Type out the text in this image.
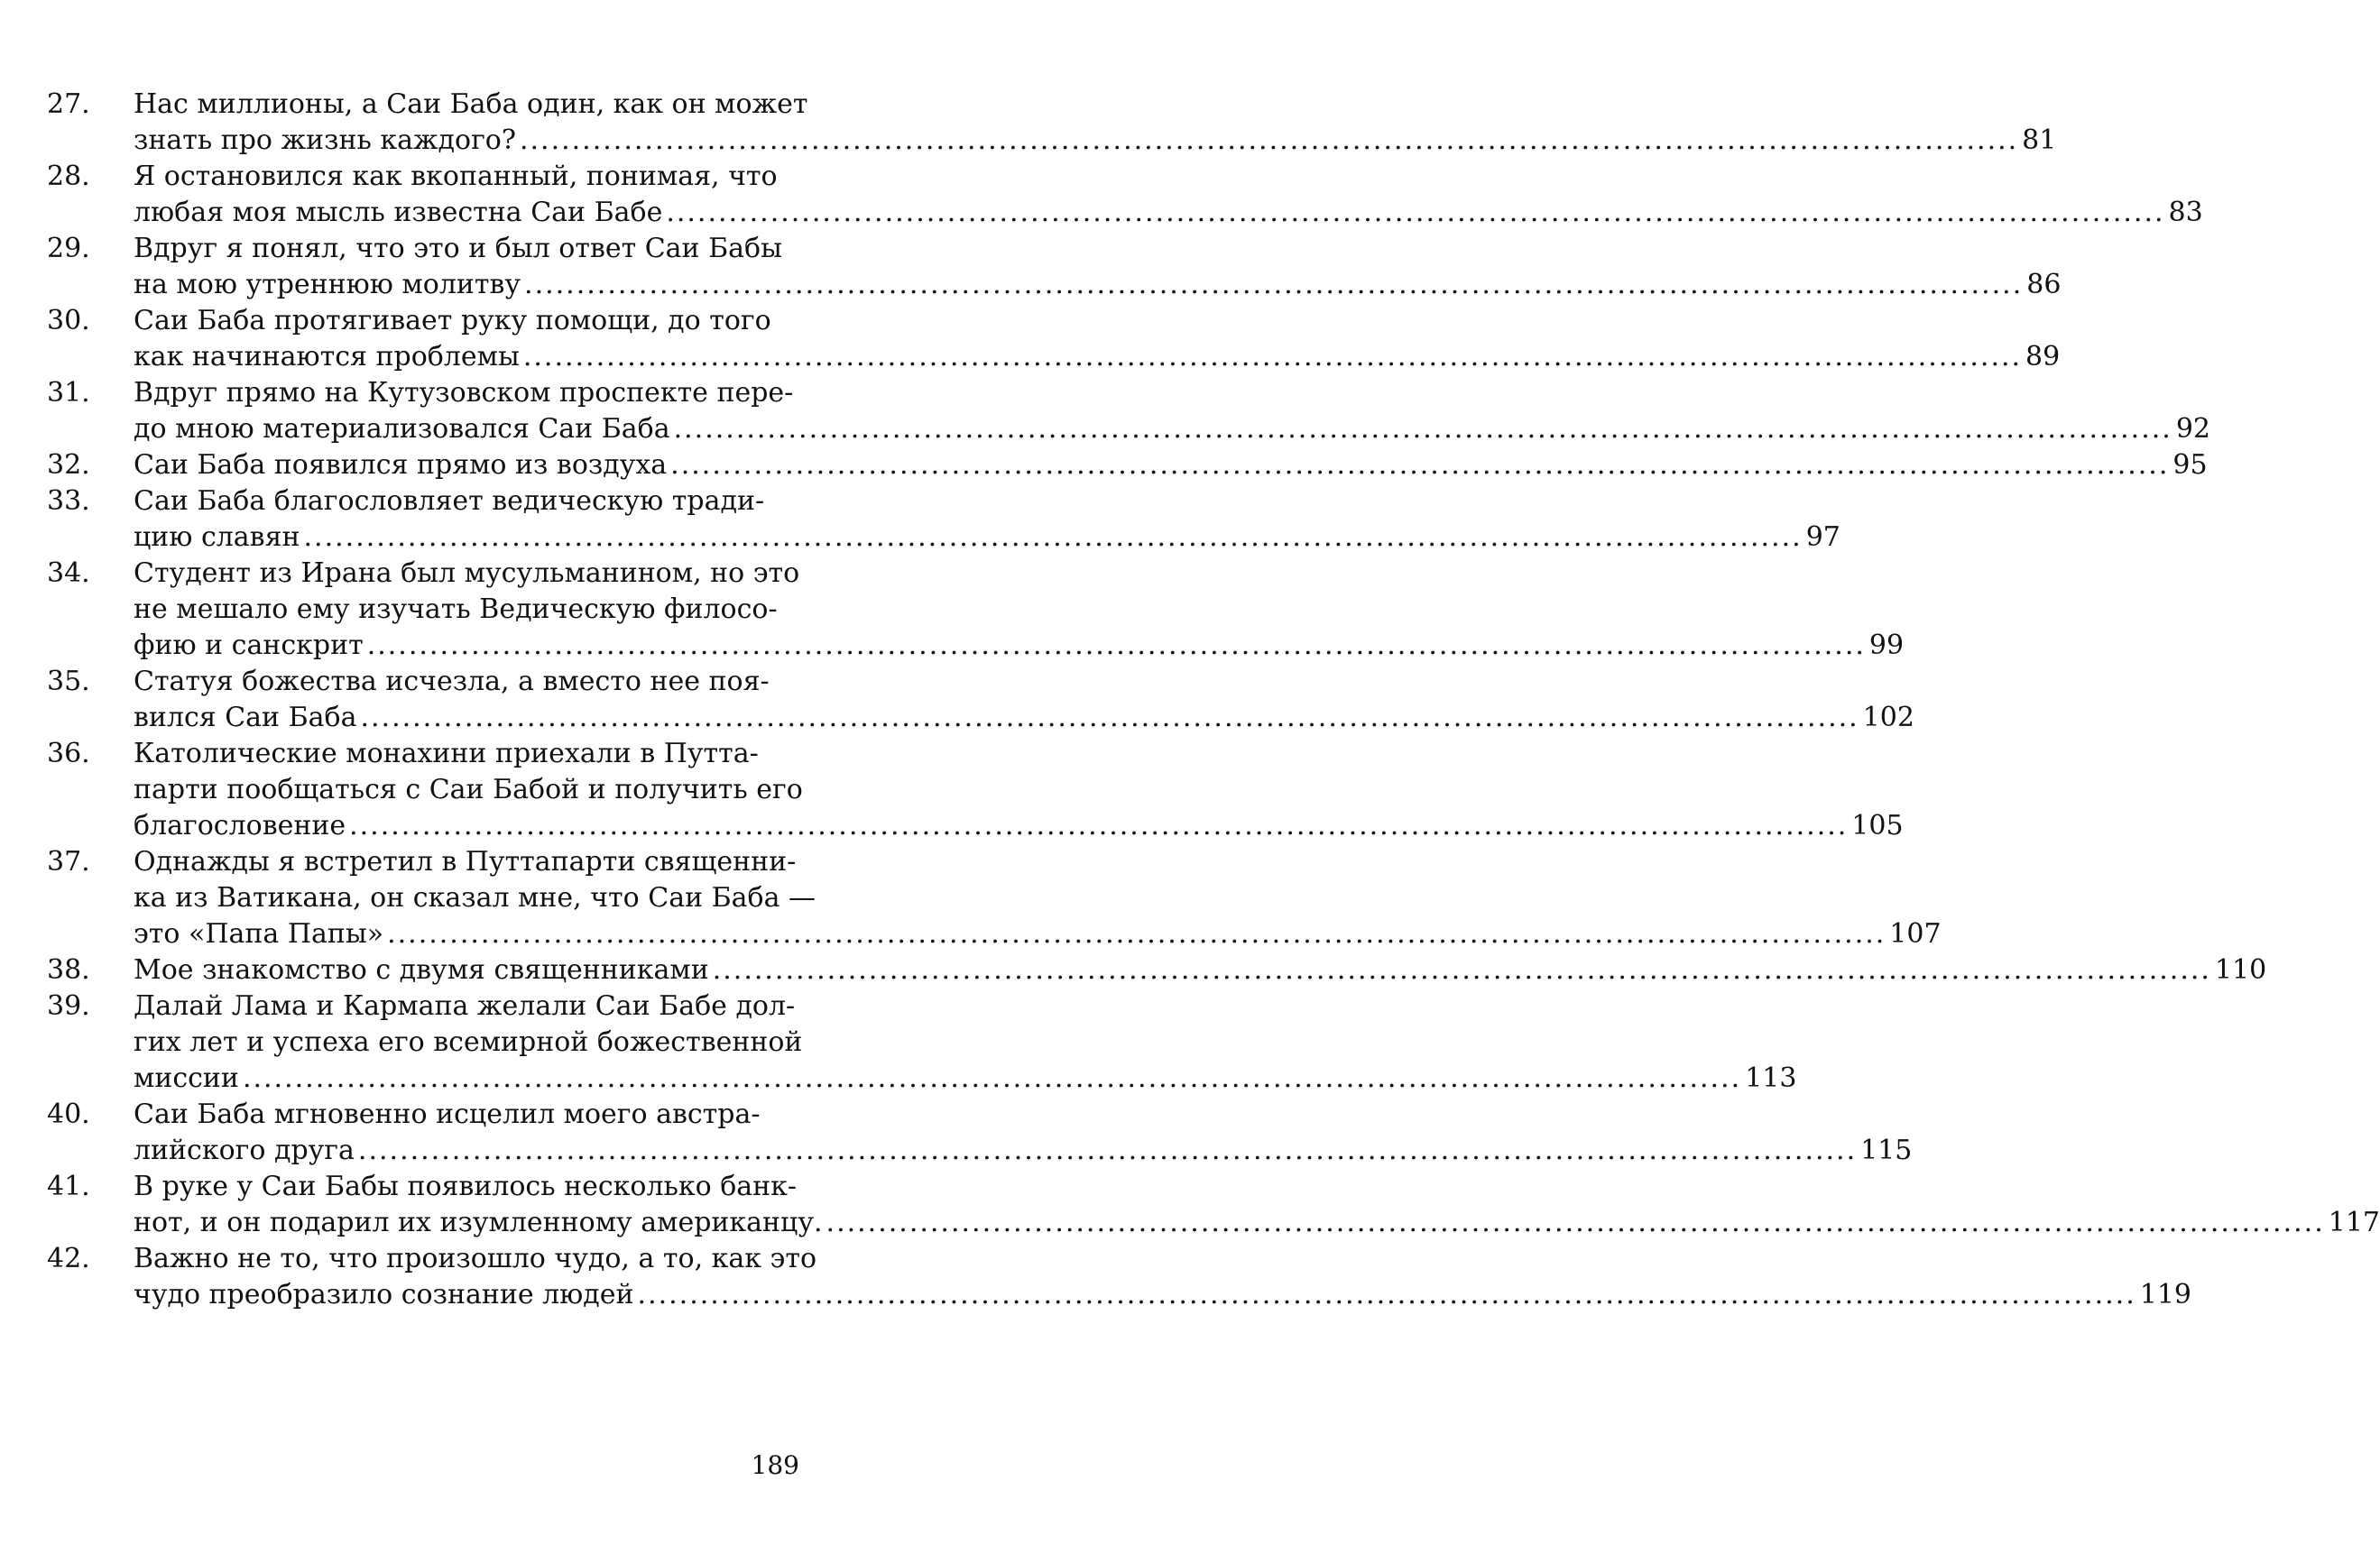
27.	Нас миллионы, а Саи Баба один, как он может
знать про жизнь каждого? .....	81
28.	Я остановился как вкопанный, понимая, что
любая моя мысль известна Саи Бабе .....	83
29.	Вдруг я понял, что это и был ответ Саи Бабы
на мою утреннюю молитву .....	86
30.	Саи Баба протягивает руку помощи, до того
как начинаются проблемы .....	89
31.	Вдруг прямо на Кутузовском проспекте пере-
до мною материализовался Саи Баба .....	92
32.	Саи Баба появился прямо из воздуха .....	95
33.	Саи Баба благословляет ведическую тради-
цию славян .....	97
34.	Студент из Ирана был мусульманином, но это
не мешало ему изучать Ведическую филосо-
фию и санскрит .....	99
35.	Статуя божества исчезла, а вместо нее поя-
вился Саи Баба .....	102
36.	Католические монахини приехали в Путта-
парти пообщаться с Саи Бабой и получить его
благословение .....	105
37.	Однажды я встретил в Путтапарти священни-
ка из Ватикана, он сказал мне, что Саи Баба —
это «Папа Папы» .....	107
38.	Мое знакомство с двумя священниками .....	110
39.	Далай Лама и Кармапа желали Саи Бабе дол-
гих лет и успеха его всемирной божественной
миссии .....	113
40.	Саи Баба мгновенно исцелил моего австра-
лийского друга .....	115
41.	В руке у Саи Бабы появилось несколько банк-
нот, и он подарил их изумленному американцу. .....	117
42.	Важно не то, что произошло чудо, а то, как это
чудо преобразило сознание людей .....	119
189
